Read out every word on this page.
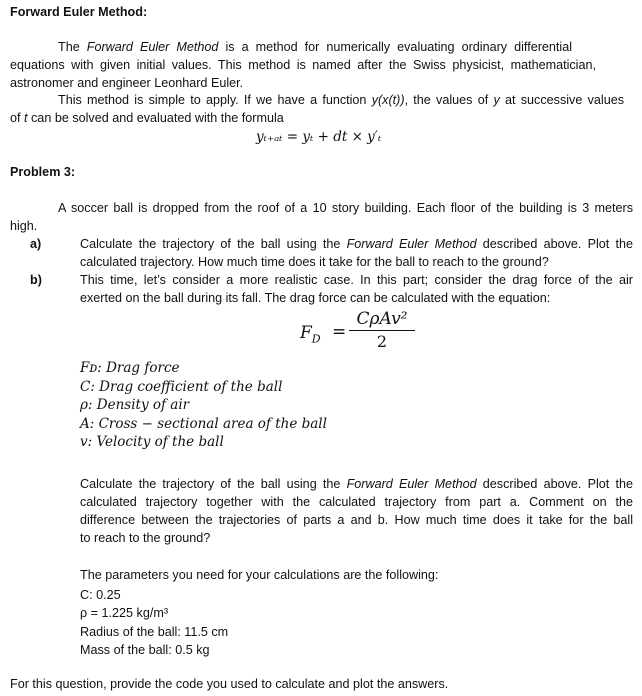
Forward Euler Method:
The Forward Euler Method is a method for numerically evaluating ordinary differential
equations with given initial values. This method is named after the Swiss physicist, mathematician,
astronomer and engineer Leonhard Euler.
This method is simple to apply. If we have a function y(x(t)), the values of y at successive values
of t can be solved and evaluated with the formula
yₜ₊ₐₜ = yₜ + dt × y′ₜ
Problem 3:
A soccer ball is dropped from the roof of a 10 story building. Each floor of the building is 3 meters
high.
a)	Calculate the trajectory of the ball using the Forward Euler Method described above. Plot the
calculated trajectory. How much time does it take for the ball to reach to the ground?
b)	This time, let’s consider a more realistic case. In this part; consider the drag force of the air
exerted on the ball during its fall. The drag force can be calculated with the equation:
$F_D$ =
CρAv²
2
Fᴅ: Drag force
C: Drag coefficient of the ball
ρ: Density of air
A: Cross − sectional area of the ball
v: Velocity of the ball
Calculate the trajectory of the ball using the Forward Euler Method described above. Plot the
calculated trajectory together with the calculated trajectory from part a. Comment on the
difference between the trajectories of parts a and b. How much time does it take for the ball
to reach to the ground?
The parameters you need for your calculations are the following:
C: 0.25
ρ = 1.225 kg/m³
Radius of the ball: 11.5 cm
Mass of the ball: 0.5 kg
For this question, provide the code you used to calculate and plot the answers.
